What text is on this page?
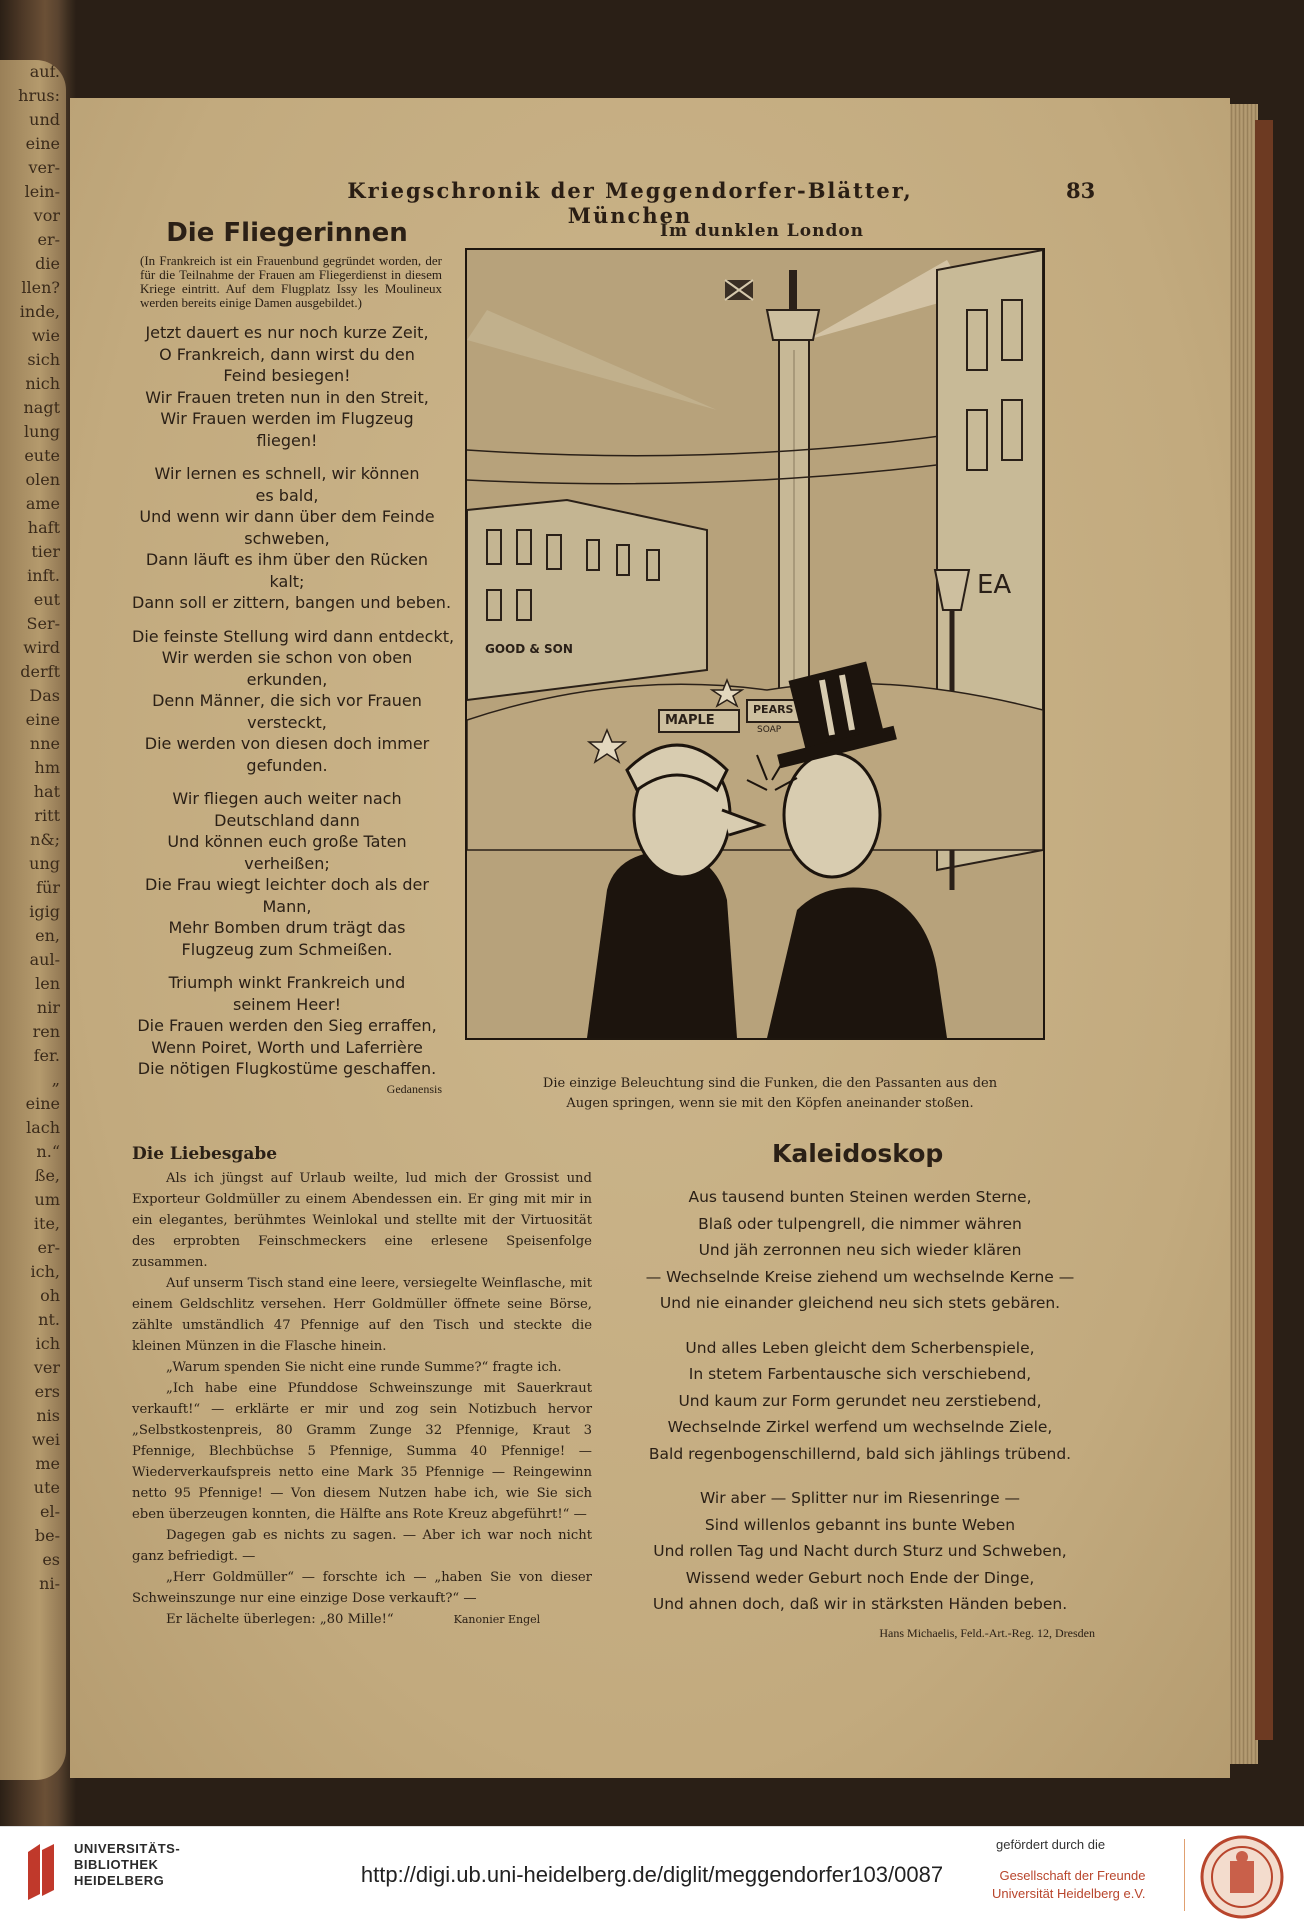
auf.
hrus:
und
eine
ver-
lein-
vor
er-
die
llen?
inde,
wie
sich
nich
nagt
lung
eute
olen
ame
haft
tier
inft.
eut
Ser-
wird
derft
Das
eine
nne
hm
hat
ritt
n&;
ung
für
igig
en,
aul-
len
nir
ren
fer.
„
eine
lach
n.“
ße,
um
ite,
er-
ich,
oh
nt.
ich
ver
ers
nis
wei
me
ute
el-
be-
es
ni-
Kriegschronik der Meggendorfer-Blätter, München
83
Die Fliegerinnen
(In Frankreich ist ein Frauenbund gegründet worden, der für die Teilnahme der Frauen am Fliegerdienst in diesem Kriege eintritt. Auf dem Flugplatz Issy les Moulineux werden bereits einige Damen ausgebildet.)
Jetzt dauert es nur noch kurze Zeit,
O Frankreich, dann wirst du den
Feind besiegen!
Wir Frauen treten nun in den Streit,
Wir Frauen werden im Flugzeug
fliegen!
Wir lernen es schnell, wir können
es bald,
Und wenn wir dann über dem Feinde
schweben,
Dann läuft es ihm über den Rücken
kalt;
Dann soll er zittern, bangen und beben.
Die feinste Stellung wird dann entdeckt,
Wir werden sie schon von oben
erkunden,
Denn Männer, die sich vor Frauen
versteckt,
Die werden von diesen doch immer
gefunden.
Wir fliegen auch weiter nach
Deutschland dann
Und können euch große Taten
verheißen;
Die Frau wiegt leichter doch als der
Mann,
Mehr Bomben drum trägt das
Flugzeug zum Schmeißen.
Triumph winkt Frankreich und
seinem Heer!
Die Frauen werden den Sieg erraffen,
Wenn Poiret, Worth und Laferrière
Die nötigen Flugkostüme geschaffen.
Gedanensis
Im dunklen London
GOOD & SON
EA
MAPLE
PEARS
SOAP
Die einzige Beleuchtung sind die Funken, die den Passanten aus den Augen springen, wenn sie mit den Köpfen aneinander stoßen.
Die Liebesgabe

Als ich jüngst auf Urlaub weilte, lud mich der Grossist und Exporteur Goldmüller zu einem Abendessen ein. Er ging mit mir in ein elegantes, berühmtes Weinlokal und stellte mit der Virtuosität des erprobten Feinschmeckers eine erlesene Speisenfolge zusammen.

Auf unserm Tisch stand eine leere, versiegelte Weinflasche, mit einem Geldschlitz versehen. Herr Goldmüller öffnete seine Börse, zählte umständlich 47 Pfennige auf den Tisch und steckte die kleinen Münzen in die Flasche hinein.

„Warum spenden Sie nicht eine runde Summe?“ fragte ich.

„Ich habe eine Pfunddose Schweinszunge mit Sauerkraut verkauft!“ — erklärte er mir und zog sein Notizbuch hervor „Selbstkostenpreis, 80 Gramm Zunge 32 Pfennige, Kraut 3 Pfennige, Blechbüchse 5 Pfennige, Summa 40 Pfennige! — Wiederverkaufspreis netto eine Mark 35 Pfennige — Reingewinn netto 95 Pfennige! — Von diesem Nutzen habe ich, wie Sie sich eben überzeugen konnten, die Hälfte ans Rote Kreuz abgeführt!“ —

Dagegen gab es nichts zu sagen. — Aber ich war noch nicht ganz befriedigt. —

„Herr Goldmüller“ — forschte ich — „haben Sie von dieser Schweinszunge nur eine einzige Dose verkauft?“ —

Er lächelte überlegen: „80 Mille!“	Kanonier Engel

Kaleidoskop
Aus tausend bunten Steinen werden Sterne,
Blaß oder tulpengrell, die nimmer währen
Und jäh zerronnen neu sich wieder klären
— Wechselnde Kreise ziehend um wechselnde Kerne —
Und nie einander gleichend neu sich stets gebären.
Und alles Leben gleicht dem Scherbenspiele,
In stetem Farbentausche sich verschiebend,
Und kaum zur Form gerundet neu zerstiebend,
Wechselnde Zirkel werfend um wechselnde Ziele,
Bald regenbogenschillernd, bald sich jählings trübend.
Wir aber — Splitter nur im Riesenringe —
Sind willenlos gebannt ins bunte Weben
Und rollen Tag und Nacht durch Sturz und Schweben,
Wissend weder Geburt noch Ende der Dinge,
Und ahnen doch, daß wir in stärksten Händen beben.
Hans Michaelis, Feld.-Art.-Reg. 12, Dresden
UNIVERSITÄTS-
BIBLIOTHEK
HEIDELBERG	http://digi.ub.uni-heidelberg.de/diglit/meggendorfer103/0087
gefördert durch die
Gesellschaft der Freunde
Universität Heidelberg e.V.
